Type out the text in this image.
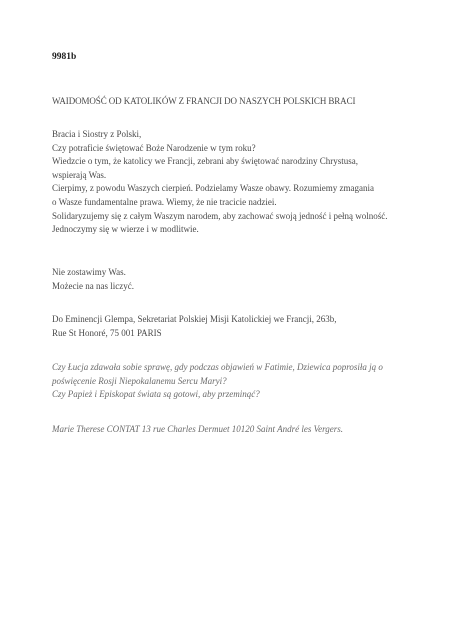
9981b
WAIDOMOŚĆ OD KATOLIKÓW Z FRANCJI DO NASZYCH POLSKICH BRACI
Bracia i Siostry z Polski,
Czy potraficie świętować Boże Narodzenie w tym roku?
Wiedzcie o tym, że katolicy we Francji, zebrani aby świętować narodziny Chrystusa,
wspierają Was.
Cierpimy, z powodu Waszych cierpień. Podzielamy Wasze obawy. Rozumiemy zmagania
o Wasze fundamentalne prawa. Wiemy, że nie tracicie nadziei.
Solidaryzujemy się z całym Waszym narodem, aby zachować swoją jedność i pełną wolność.
Jednoczymy się w wierze i w modlitwie.
Nie zostawimy Was.
Możecie na nas liczyć.
Do Eminencji Glempa, Sekretariat Polskiej Misji Katolickiej we Francji, 263b,
Rue St Honoré, 75 001 PARIS
Czy Łucja zdawała sobie sprawę, gdy podczas objawień w Fatimie, Dziewica poprosiła ją o
poświęcenie Rosji Niepokalanemu Sercu Maryi?
Czy Papież i Episkopat świata są gotowi, aby przeminąć?
Marie Therese CONTAT 13 rue Charles Dermuet 10120 Saint André les Vergers.
